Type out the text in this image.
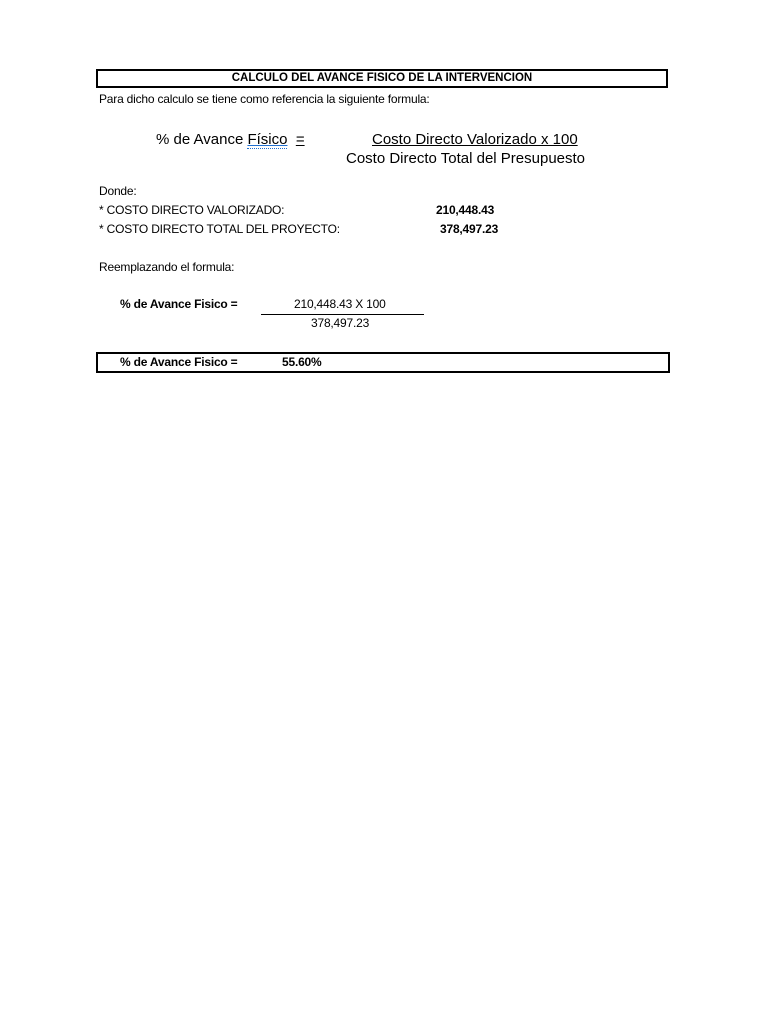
CALCULO DEL AVANCE FISICO DE LA INTERVENCION
Para dicho calculo se tiene como referencia la siguiente formula:
% de Avance Físico =	Costo Directo Valorizado x 100
Costo Directo Total del Presupuesto
Donde:
* COSTO DIRECTO VALORIZADO:	210,448.43
* COSTO DIRECTO TOTAL DEL PROYECTO:	378,497.23
Reemplazando el formula:
% de Avance Fisico =	210,448.43 X 100
378,497.23
% de Avance Fisico =	55.60%
